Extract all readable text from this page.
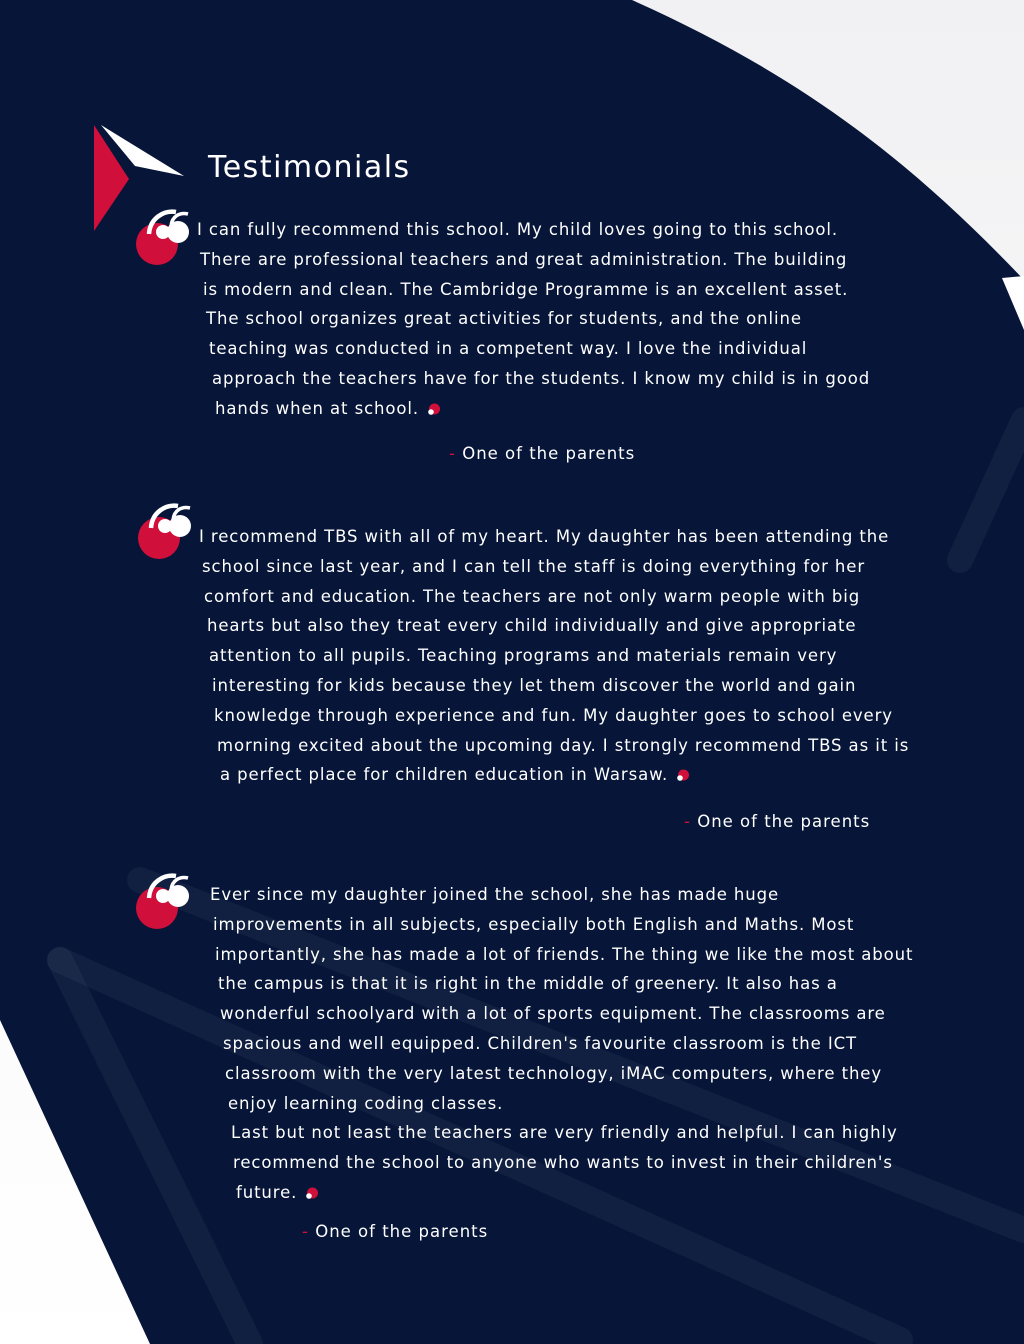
Testimonials
I can fully recommend this school. My child loves going to this school.
There are professional teachers and great administration. The building
is modern and clean. The Cambridge Programme is an excellent asset.
The school organizes great activities for students, and the online
teaching was conducted in a competent way. I love the individual
approach the teachers have for the students. I know my child is in good
hands when at school.
- One of the parents
I recommend TBS with all of my heart. My daughter has been attending the
school since last year, and I can tell the staff is doing everything for her
comfort and education. The teachers are not only warm people with big
hearts but also they treat every child individually and give appropriate
attention to all pupils. Teaching programs and materials remain very
interesting for kids because they let them discover the world and gain
knowledge through experience and fun. My daughter goes to school every
morning excited about the upcoming day. I strongly recommend TBS as it is
a perfect place for children education in Warsaw.
- One of the parents
Ever since my daughter joined the school, she has made huge
improvements in all subjects, especially both English and Maths. Most
importantly, she has made a lot of friends. The thing we like the most about
the campus is that it is right in the middle of greenery. It also has a
wonderful schoolyard with a lot of sports equipment. The classrooms are
spacious and well equipped. Children's favourite classroom is the ICT
classroom with the very latest technology, iMAC computers, where they
enjoy learning coding classes.
Last but not least the teachers are very friendly and helpful. I can highly
recommend the school to anyone who wants to invest in their children's
future.
- One of the parents
